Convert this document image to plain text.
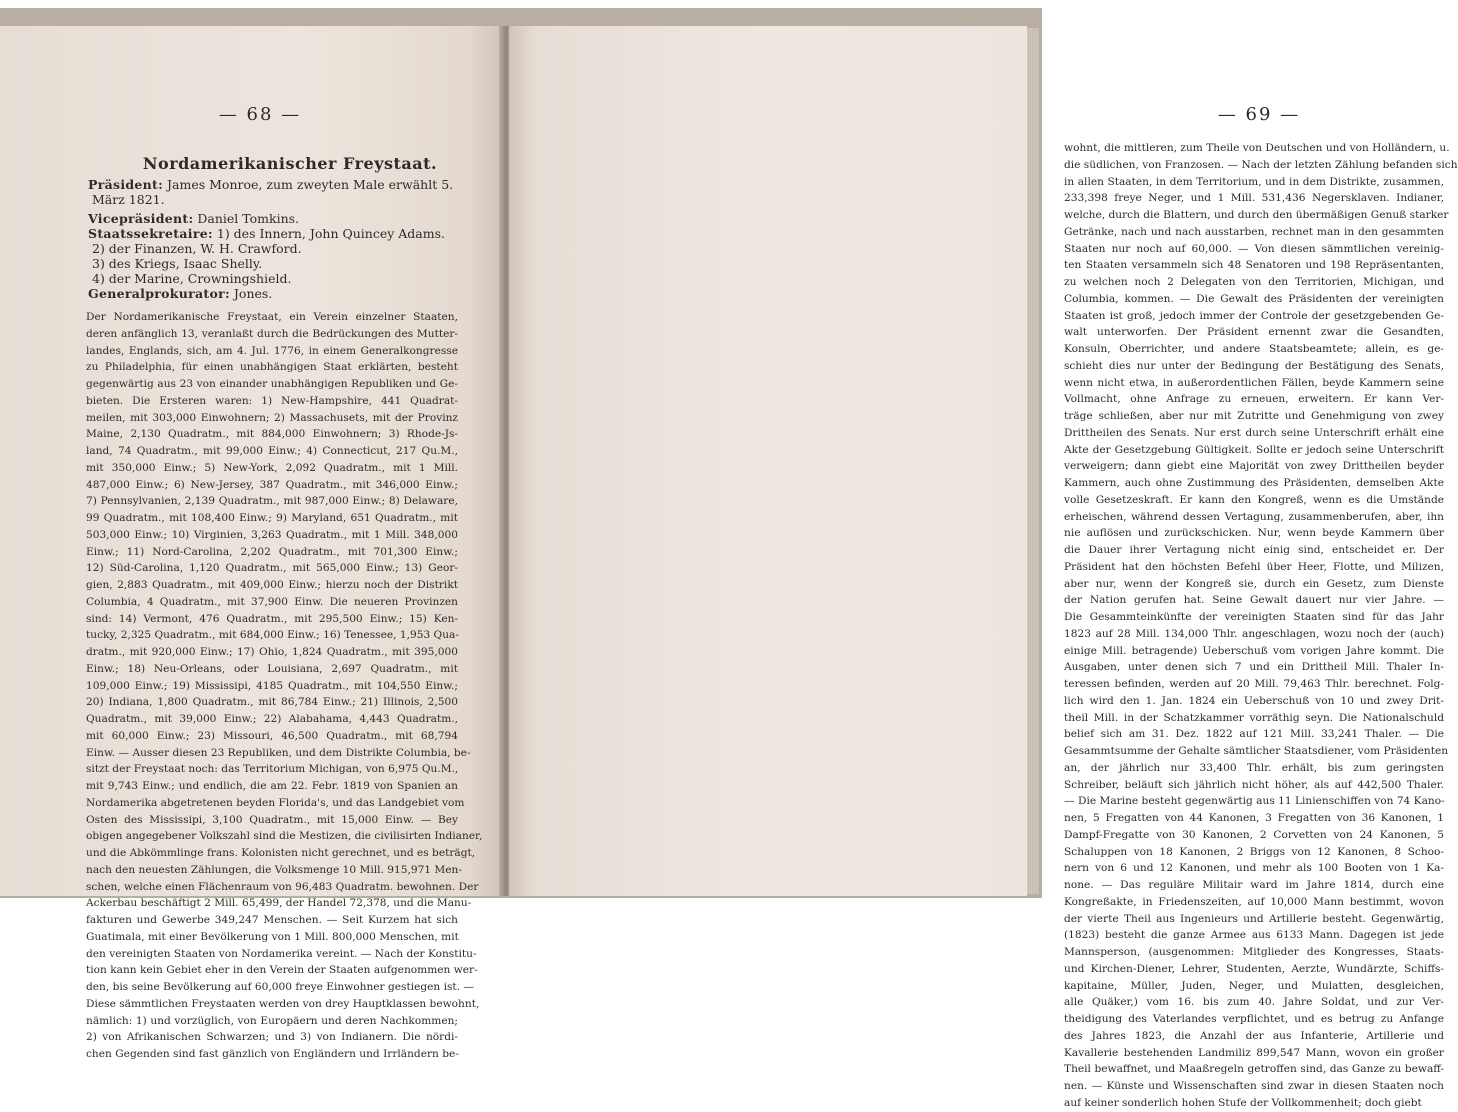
— 68 —
Nordamerikanischer Freystaat.
Präsident: James Monroe, zum zweyten Male erwählt 5.
März 1821.
Vicepräsident: Daniel Tomkins.
Staatssekretaire: 1) des Innern, John Quincey Adams.
2) der Finanzen, W. H. Crawford.
3) des Kriegs, Isaac Shelly.
4) der Marine, Crowningshield.
Generalprokurator: Jones.
Der Nordamerikanische Freystaat, ein Verein einzelner Staaten,
deren anfänglich 13, veranlaßt durch die Bedrückungen des Mutter-
landes, Englands, sich, am 4. Jul. 1776, in einem Generalkongresse
zu Philadelphia, für einen unabhängigen Staat erklärten, besteht
gegenwärtig aus 23 von einander unabhängigen Republiken und Ge-
bieten. Die Ersteren waren: 1) New-Hampshire, 441 Quadrat-
meilen, mit 303,000 Einwohnern; 2) Massachusets, mit der Provinz
Maine, 2,130 Quadratm., mit 884,000 Einwohnern; 3) Rhode-Js-
land, 74 Quadratm., mit 99,000 Einw.; 4) Connecticut, 217 Qu.M.,
mit 350,000 Einw.; 5) New-York, 2,092 Quadratm., mit 1 Mill.
487,000 Einw.; 6) New-Jersey, 387 Quadratm., mit 346,000 Einw.;
7) Pennsylvanien, 2,139 Quadratm., mit 987,000 Einw.; 8) Delaware,
99 Quadratm., mit 108,400 Einw.; 9) Maryland, 651 Quadratm., mit
503,000 Einw.; 10) Virginien, 3,263 Quadratm., mit 1 Mill. 348,000
Einw.; 11) Nord-Carolina, 2,202 Quadratm., mit 701,300 Einw.;
12) Süd-Carolina, 1,120 Quadratm., mit 565,000 Einw.; 13) Geor-
gien, 2,883 Quadratm., mit 409,000 Einw.; hierzu noch der Distrikt
Columbia, 4 Quadratm., mit 37,900 Einw. Die neueren Provinzen
sind: 14) Vermont, 476 Quadratm., mit 295,500 Einw.; 15) Ken-
tucky, 2,325 Quadratm., mit 684,000 Einw.; 16) Tenessee, 1,953 Qua-
dratm., mit 920,000 Einw.; 17) Ohio, 1,824 Quadratm., mit 395,000
Einw.; 18) Neu-Orleans, oder Louisiana, 2,697 Quadratm., mit
109,000 Einw.; 19) Mississipi, 4185 Quadratm., mit 104,550 Einw.;
20) Indiana, 1,800 Quadratm., mit 86,784 Einw.; 21) Illinois, 2,500
Quadratm., mit 39,000 Einw.; 22) Alabahama, 4,443 Quadratm.,
mit 60,000 Einw.; 23) Missouri, 46,500 Quadratm., mit 68,794
Einw. — Ausser diesen 23 Republiken, und dem Distrikte Columbia, be-
sitzt der Freystaat noch: das Territorium Michigan, von 6,975 Qu.M.,
mit 9,743 Einw.; und endlich, die am 22. Febr. 1819 von Spanien an
Nordamerika abgetretenen beyden Florida's, und das Landgebiet vom
Osten des Mississipi, 3,100 Quadratm., mit 15,000 Einw. — Bey
obigen angegebener Volkszahl sind die Mestizen, die civilisirten Indianer,
und die Abkömmlinge frans. Kolonisten nicht gerechnet, und es beträgt,
nach den neuesten Zählungen, die Volksmenge 10 Mill. 915,971 Men-
schen, welche einen Flächenraum von 96,483 Quadratm. bewohnen. Der
Ackerbau beschäftigt 2 Mill. 65,499, der Handel 72,378, und die Manu-
fakturen und Gewerbe 349,247 Menschen. — Seit Kurzem hat sich
Guatimala, mit einer Bevölkerung von 1 Mill. 800,000 Menschen, mit
den vereinigten Staaten von Nordamerika vereint. — Nach der Konstitu-
tion kann kein Gebiet eher in den Verein der Staaten aufgenommen wer-
den, bis seine Bevölkerung auf 60,000 freye Einwohner gestiegen ist. —
Diese sämmtlichen Freystaaten werden von drey Hauptklassen bewohnt,
nämlich: 1) und vorzüglich, von Europäern und deren Nachkommen;
2) von Afrikanischen Schwarzen; und 3) von Indianern. Die nördi-
chen Gegenden sind fast gänzlich von Engländern und Irrländern be-
— 69 —
wohnt, die mittleren, zum Theile von Deutschen und von Holländern, u.
die südlichen, von Franzosen. — Nach der letzten Zählung befanden sich
in allen Staaten, in dem Territorium, und in dem Distrikte, zusammen,
233,398 freye Neger, und 1 Mill. 531,436 Negersklaven. Indianer,
welche, durch die Blattern, und durch den übermäßigen Genuß starker
Getränke, nach und nach ausstarben, rechnet man in den gesammten
Staaten nur noch auf 60,000. — Von diesen sämmtlichen vereinig-
ten Staaten versammeln sich 48 Senatoren und 198 Repräsentanten,
zu welchen noch 2 Delegaten von den Territorien, Michigan, und
Columbia, kommen. — Die Gewalt des Präsidenten der vereinigten
Staaten ist groß, jedoch immer der Controle der gesetzgebenden Ge-
walt unterworfen. Der Präsident ernennt zwar die Gesandten,
Konsuln, Oberrichter, und andere Staatsbeamtete; allein, es ge-
schieht dies nur unter der Bedingung der Bestätigung des Senats,
wenn nicht etwa, in außerordentlichen Fällen, beyde Kammern seine
Vollmacht, ohne Anfrage zu erneuen, erweitern. Er kann Ver-
träge schließen, aber nur mit Zutritte und Genehmigung von zwey
Drittheilen des Senats. Nur erst durch seine Unterschrift erhält eine
Akte der Gesetzgebung Gültigkeit. Sollte er jedoch seine Unterschrift
verweigern; dann giebt eine Majorität von zwey Drittheilen beyder
Kammern, auch ohne Zustimmung des Präsidenten, demselben Akte
volle Gesetzeskraft. Er kann den Kongreß, wenn es die Umstände
erheischen, während dessen Vertagung, zusammenberufen, aber, ihn
nie auflösen und zurückschicken. Nur, wenn beyde Kammern über
die Dauer ihrer Vertagung nicht einig sind, entscheidet er. Der
Präsident hat den höchsten Befehl über Heer, Flotte, und Milizen,
aber nur, wenn der Kongreß sie, durch ein Gesetz, zum Dienste
der Nation gerufen hat. Seine Gewalt dauert nur vier Jahre. —
Die Gesammteinkünfte der vereinigten Staaten sind für das Jahr
1823 auf 28 Mill. 134,000 Thlr. angeschlagen, wozu noch der (auch)
einige Mill. betragende) Ueberschuß vom vorigen Jahre kommt. Die
Ausgaben, unter denen sich 7 und ein Drittheil Mill. Thaler In-
teressen befinden, werden auf 20 Mill. 79,463 Thlr. berechnet. Folg-
lich wird den 1. Jan. 1824 ein Ueberschuß von 10 und zwey Drit-
theil Mill. in der Schatzkammer vorräthig seyn. Die Nationalschuld
belief sich am 31. Dez. 1822 auf 121 Mill. 33,241 Thaler. — Die
Gesammtsumme der Gehalte sämtlicher Staatsdiener, vom Präsidenten
an, der jährlich nur 33,400 Thlr. erhält, bis zum geringsten
Schreiber, beläuft sich jährlich nicht höher, als auf 442,500 Thaler.
— Die Marine besteht gegenwärtig aus 11 Linienschiffen von 74 Kano-
nen, 5 Fregatten von 44 Kanonen, 3 Fregatten von 36 Kanonen, 1
Dampf-Fregatte von 30 Kanonen, 2 Corvetten von 24 Kanonen, 5
Schaluppen von 18 Kanonen, 2 Briggs von 12 Kanonen, 8 Schoo-
nern von 6 und 12 Kanonen, und mehr als 100 Booten von 1 Ka-
none. — Das reguläre Militair ward im Jahre 1814, durch eine
Kongreßakte, in Friedenszeiten, auf 10,000 Mann bestimmt, wovon
der vierte Theil aus Ingenieurs und Artillerie besteht. Gegenwärtig,
(1823) besteht die ganze Armee aus 6133 Mann. Dagegen ist jede
Mannsperson, (ausgenommen: Mitglieder des Kongresses, Staats-
und Kirchen-Diener, Lehrer, Studenten, Aerzte, Wundärzte, Schiffs-
kapitaine, Müller, Juden, Neger, und Mulatten, desgleichen,
alle Quäker,) vom 16. bis zum 40. Jahre Soldat, und zur Ver-
theidigung des Vaterlandes verpflichtet, und es betrug zu Anfange
des Jahres 1823, die Anzahl der aus Infanterie, Artillerie und
Kavallerie bestehenden Landmiliz 899,547 Mann, wovon ein großer
Theil bewaffnet, und Maaßregeln getroffen sind, das Ganze zu bewaff-
nen. — Künste und Wissenschaften sind zwar in diesen Staaten noch
auf keiner sonderlich hohen Stufe der Vollkommenheit; doch giebt
